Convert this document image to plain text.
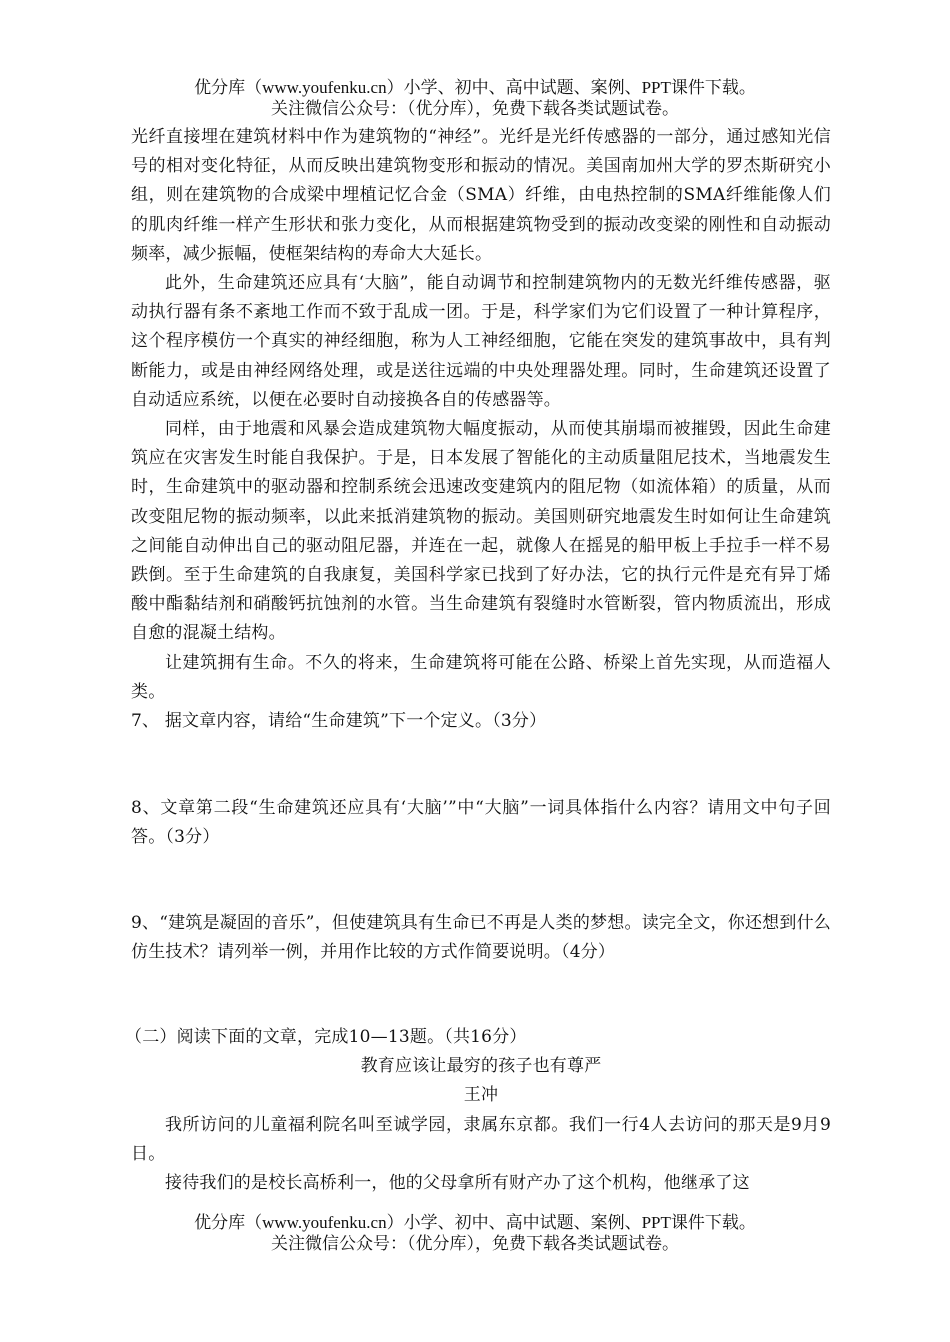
优分库（www.youfenku.cn）小学、初中、高中试题、案例、PPT课件下载。
关注微信公众号：（优分库），免费下载各类试题试卷。

光纤直接埋在建筑材料中作为建筑物的“神经”。光纤是光纤传感器的一部分，通过感知光信号的相对变化特征，从而反映出建筑物变形和振动的情况。美国南加州大学的罗杰斯研究小组，则在建筑物的合成梁中埋植记忆合金（SMA）纤维，由电热控制的SMA纤维能像人们的肌肉纤维一样产生形状和张力变化，从而根据建筑物受到的振动改变梁的刚性和自动振动频率，减少振幅，使框架结构的寿命大大延长。

此外，生命建筑还应具有‘大脑”，能自动调节和控制建筑物内的无数光纤维传感器，驱动执行器有条不紊地工作而不致于乱成一团。于是，科学家们为它们设置了一种计算程序，这个程序模仿一个真实的神经细胞，称为人工神经细胞，它能在突发的建筑事故中，具有判断能力，或是由神经网络处理，或是送往远端的中央处理器处理。同时，生命建筑还设置了自动适应系统，以便在必要时自动接换各自的传感器等。

同样，由于地震和风暴会造成建筑物大幅度振动，从而使其崩塌而被摧毁，因此生命建筑应在灾害发生时能自我保护。于是，日本发展了智能化的主动质量阻尼技术，当地震发生时，生命建筑中的驱动器和控制系统会迅速改变建筑内的阻尼物（如流体箱）的质量，从而改变阻尼物的振动频率，以此来抵消建筑物的振动。美国则研究地震发生时如何让生命建筑之间能自动伸出自己的驱动阻尼器，并连在一起，就像人在摇晃的船甲板上手拉手一样不易跌倒。至于生命建筑的自我康复，美国科学家已找到了好办法，它的执行元件是充有异丁烯酸中酯黏结剂和硝酸钙抗蚀剂的水管。当生命建筑有裂缝时水管断裂，管内物质流出，形成自愈的混凝土结构。

让建筑拥有生命。不久的将来，生命建筑将可能在公路、桥梁上首先实现，从而造福人类。

7、 据文章内容，请给“生命建筑”下一个定义。（3分）

8、文章第二段“生命建筑还应具有‘大脑’”中“大脑”一词具体指什么内容？请用文中句子回答。（3分）

9、“建筑是凝固的音乐”，但使建筑具有生命已不再是人类的梦想。读完全文，你还想到什么仿生技术？请列举一例，并用作比较的方式作简要说明。（4分）

（二）阅读下面的文章，完成10—13题。（共16分）

教育应该让最穷的孩子也有尊严

王冲

我所访问的儿童福利院名叫至诚学园，隶属东京都。我们一行4人去访问的那天是9月9日。

接待我们的是校长高桥利一，他的父母拿所有财产办了这个机构，他继承了这

优分库（www.youfenku.cn）小学、初中、高中试题、案例、PPT课件下载。
关注微信公众号：（优分库），免费下载各类试题试卷。
